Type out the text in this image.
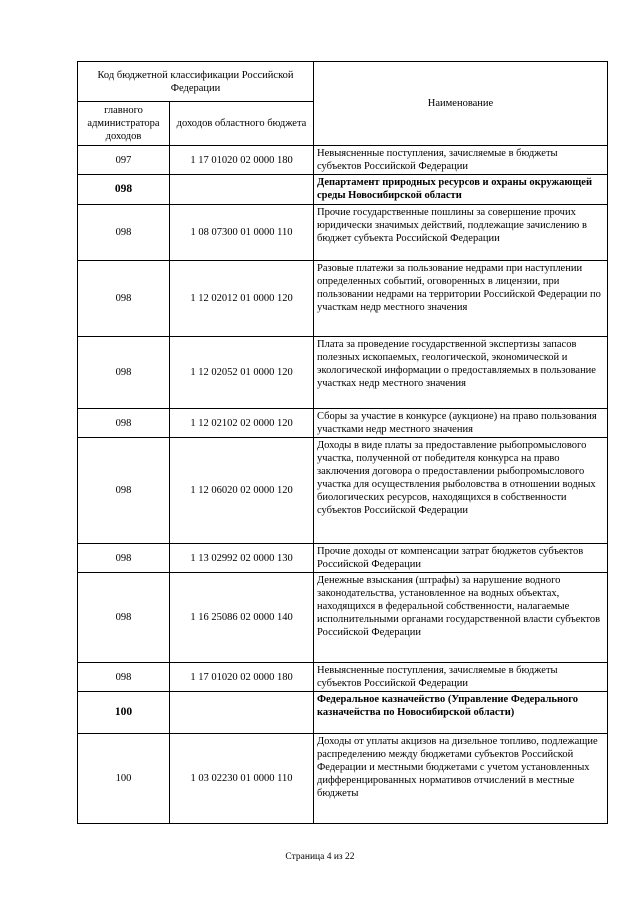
Код бюджетной классификации Российской Федерации		Наименование
главного администратора доходов	доходов областного бюджета	
097	1 17 01020 02 0000 180	Невыясненные поступления, зачисляемые в бюджеты субъектов Российской Федерации
098		Департамент природных ресурсов и охраны окружающей среды Новосибирской области
098	1 08 07300 01 0000 110	Прочие государственные пошлины за совершение прочих юридически значимых действий, подлежащие зачислению в бюджет субъекта Российской Федерации
098	1 12 02012 01 0000 120	Разовые платежи за пользование недрами при наступлении определенных событий, оговоренных в лицензии, при пользовании недрами на территории Российской Федерации по участкам недр местного значения
098	1 12 02052 01 0000 120	Плата за проведение государственной экспертизы запасов полезных ископаемых, геологической, экономической и экологической информации о предоставляемых в пользование участках недр местного значения
098	1 12 02102 02 0000 120	Сборы за участие в конкурсе (аукционе) на право пользования участками недр местного значения
098	1 12 06020 02 0000 120	Доходы в виде платы за предоставление рыбопромыслового участка, полученной от победителя конкурса на право заключения договора о предоставлении рыбопромыслового участка для осуществления рыболовства в отношении водных биологических ресурсов, находящихся в собственности субъектов Российской Федерации
098	1 13 02992 02 0000 130	Прочие доходы от компенсации затрат бюджетов субъектов Российской Федерации
098	1 16 25086 02 0000 140	Денежные взыскания (штрафы) за нарушение водного законодательства, установленное на водных объектах, находящихся в федеральной собственности, налагаемые исполнительными органами государственной власти субъектов Российской Федерации
098	1 17 01020 02 0000 180	Невыясненные поступления, зачисляемые в бюджеты субъектов Российской Федерации
100		Федеральное казначейство (Управление Федерального казначейства по Новосибирской области)
100	1 03 02230 01 0000 110	Доходы от уплаты акцизов на дизельное топливо, подлежащие распределению между бюджетами субъектов Российской Федерации и местными бюджетами с учетом установленных дифференцированных нормативов отчислений в местные бюджеты
Страница 4 из 22
